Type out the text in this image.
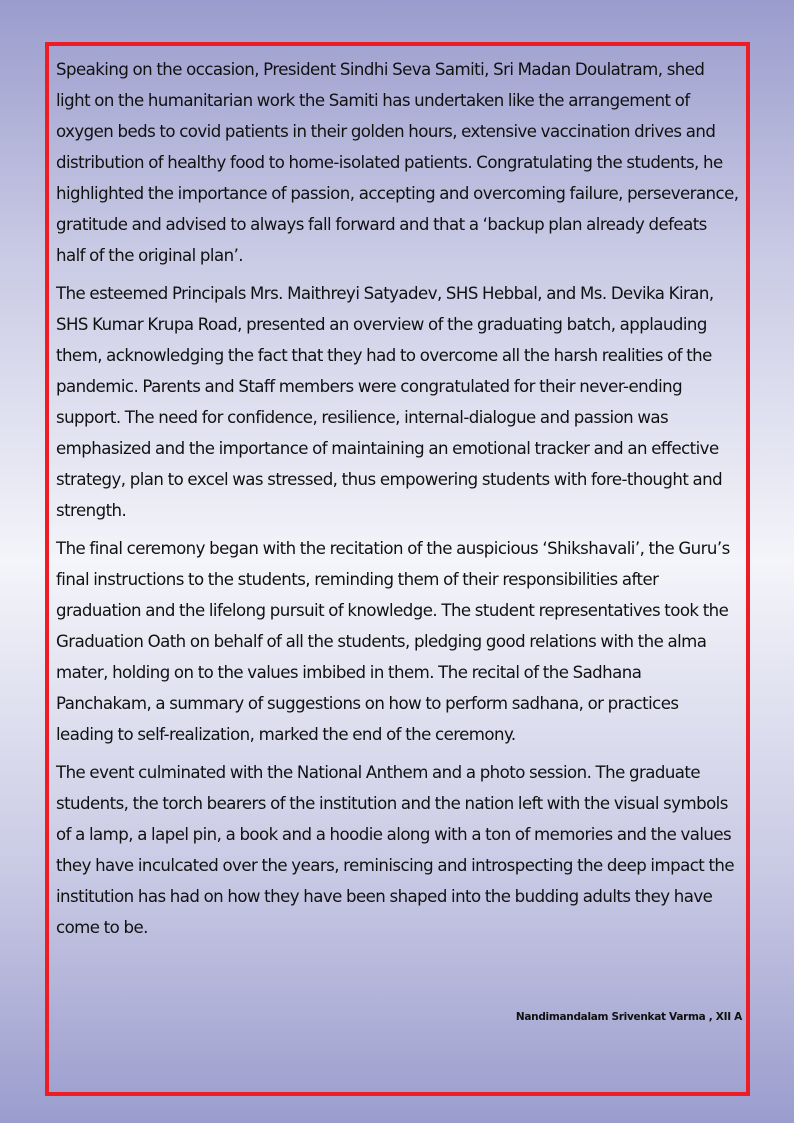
Speaking on the occasion, President Sindhi Seva Samiti, Sri Madan Doulatram, shed light on the humanitarian work the Samiti has undertaken like the arrangement of oxygen beds to covid patients in their golden hours, extensive vaccination drives and distribution of healthy food to home-isolated patients. Congratulating the students, he highlighted the importance of passion, accepting and overcoming failure, perseverance, gratitude and advised to always fall forward and that a ‘backup plan already defeats half of the original plan’.

The esteemed Principals Mrs. Maithreyi Satyadev, SHS Hebbal, and Ms. Devika Kiran, SHS Kumar Krupa Road, presented an overview of the graduating batch, applauding them, acknowledging the fact that they had to overcome all the harsh realities of the pandemic. Parents and Staff members were congratulated for their never-ending support. The need for confidence, resilience, internal-dialogue and passion was emphasized and the importance of maintaining an emotional tracker and an effective strategy, plan to excel was stressed, thus empowering students with fore-thought and strength.

The final ceremony began with the recitation of the auspicious ‘Shikshavali’, the Guru’s final instructions to the students, reminding them of their responsibilities after graduation and the lifelong pursuit of knowledge. The student representatives took the Graduation Oath on behalf of all the students, pledging good relations with the alma mater, holding on to the values imbibed in them. The recital of the Sadhana Panchakam, a summary of suggestions on how to perform sadhana, or practices leading to self-realization, marked the end of the ceremony.

The event culminated with the National Anthem and a photo session. The graduate students, the torch bearers of the institution and the nation left with the visual symbols of a lamp, a lapel pin, a book and a hoodie along with a ton of memories and the values they have inculcated over the years, reminiscing and introspecting the deep impact the institution has had on how they have been shaped into the budding adults they have come to be.

Nandimandalam Srivenkat Varma , XII A
